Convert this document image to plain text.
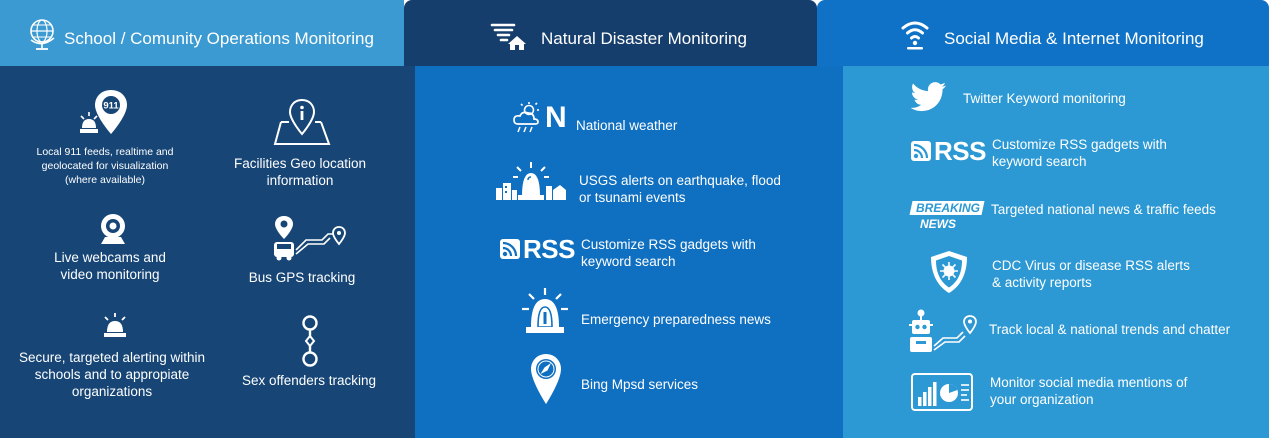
School / Comunity Operations Monitoring	Natural Disaster Monitoring	Social Media & Internet Monitoring
911
Local 911 feeds, realtime and geolocated for visualization (where available)
Facilities Geo location information
Live webcams and video monitoring	Bus GPS tracking
Secure, targeted alerting within schools and to appropiate organizations
Sex offenders tracking
N National weather
USGS alerts on earthquake, flood or tsunami events
RSS Customize RSS gadgets with keyword search
Emergency preparedness news
Bing Mpsd services
Twitter Keyword monitoring
RSS Customize RSS gadgets with keyword search
BREAKING
NEWS
Targeted national news & traffic feeds
CDC Virus or disease RSS alerts & activity reports
Track local & national trends and chatter
Monitor social media mentions of your organization
